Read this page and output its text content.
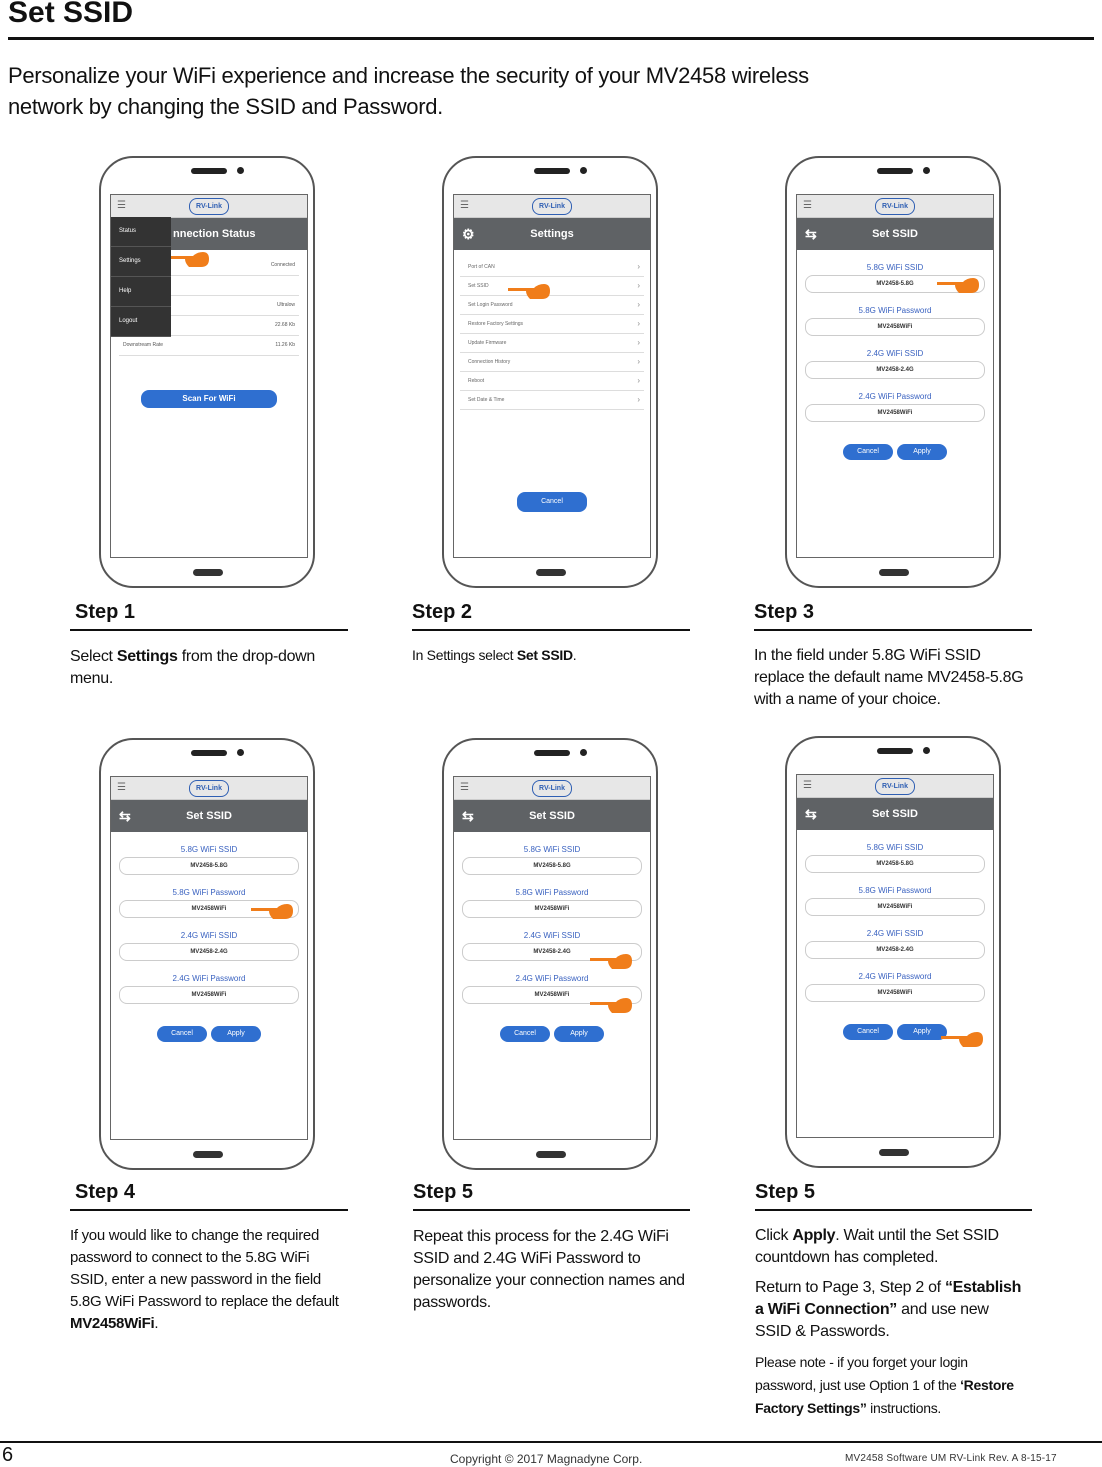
Set SSID

Personalize your WiFi experience and increase the security of your MV2458 wireless
network by changing the SSID and Password.

☰	RV-Link
nnection Status
Status
Settings
Help
Logout
Connected
Ultralow
22.68 Kb
Downstream Rate	11.26 Kb
Scan For WiFi
☰	RV-Link
⚙	Settings
Port of CAN	›
Set SSID	›
Set Login Password	›
Restore Factory Settings	›
Update Firmware	›
Connection History	›
Reboot	›
Set Date & Time	›
Cancel
☰	RV-Link
⇆	Set SSID
5.8G WiFi SSID
MV2458-5.8G
5.8G WiFi Password
MV2458WiFi
2.4G WiFi SSID
MV2458-2.4G
2.4G WiFi Password
MV2458WiFi
Cancel	Apply
Step 1

Select Settings from the drop-down menu.

Step 2

In Settings select Set SSID.

Step 3

In the field under 5.8G WiFi SSID replace the default name MV2458-5.8G with a name of your choice.

☰	RV-Link
⇆	Set SSID
5.8G WiFi SSID
MV2458-5.8G
5.8G WiFi Password
MV2458WiFi
2.4G WiFi SSID
MV2458-2.4G
2.4G WiFi Password
MV2458WiFi
Cancel	Apply
☰	RV-Link
⇆	Set SSID
5.8G WiFi SSID
MV2458-5.8G
5.8G WiFi Password
MV2458WiFi
2.4G WiFi SSID
MV2458-2.4G
2.4G WiFi Password
MV2458WiFi
Cancel	Apply
☰	RV-Link
⇆	Set SSID
5.8G WiFi SSID
MV2458-5.8G
5.8G WiFi Password
MV2458WiFi
2.4G WiFi SSID
MV2458-2.4G
2.4G WiFi Password
MV2458WiFi
Cancel	Apply
Step 4

If you would like to change the required password to connect to the 5.8G WiFi SSID, enter a new password in the field 5.8G WiFi Password to replace the default MV2458WiFi.

Step 5

Repeat this process for the 2.4G WiFi SSID and 2.4G WiFi Password to personalize your connection names and passwords.

Step 5

Click Apply. Wait until the Set SSID countdown has completed.

Return to Page 3, Step 2 of “Establish a WiFi Connection” and use new SSID & Passwords.

Please note - if you forget your login password, just use Option 1 of the ‘Restore Factory Settings” instructions.

6	Copyright © 2017 Magnadyne Corp.	MV2458 Software UM RV-Link Rev. A 8-15-17
